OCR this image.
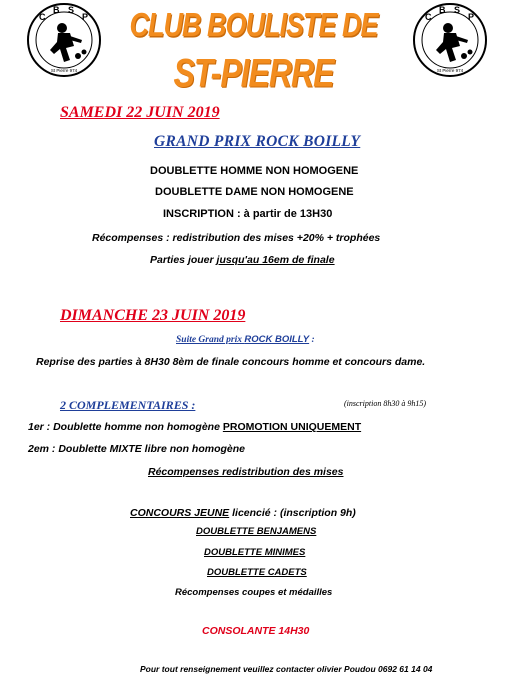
C
B S
P
St Pierre 974
C
B S
P
St Pierre 974
CLUB BOULISTE DE
ST-PIERRE
SAMEDI 22 JUIN 2019
GRAND PRIX ROCK BOILLY
DOUBLETTE HOMME NON HOMOGENE
DOUBLETTE DAME NON HOMOGENE
INSCRIPTION : à partir de 13H30
Récompenses : redistribution des mises +20% + trophées
Parties jouer jusqu'au 16em de finale
DIMANCHE 23 JUIN 2019
Suite Grand prix ROCK BOILLY :
Reprise des parties à 8H30 8èm de finale concours homme et concours dame.
2 COMPLEMENTAIRES :	(inscription 8h30 à 9h15)
1er : Doublette homme non homogène PROMOTION UNIQUEMENT
2em : Doublette MIXTE libre non homogène
Récompenses redistribution des mises
CONCOURS JEUNE licencié : (inscription 9h)
DOUBLETTE BENJAMENS
DOUBLETTE MINIMES
DOUBLETTE CADETS
Récompenses coupes et médailles
CONSOLANTE 14H30
Pour tout renseignement veuillez contacter olivier Poudou 0692 61 14 04
